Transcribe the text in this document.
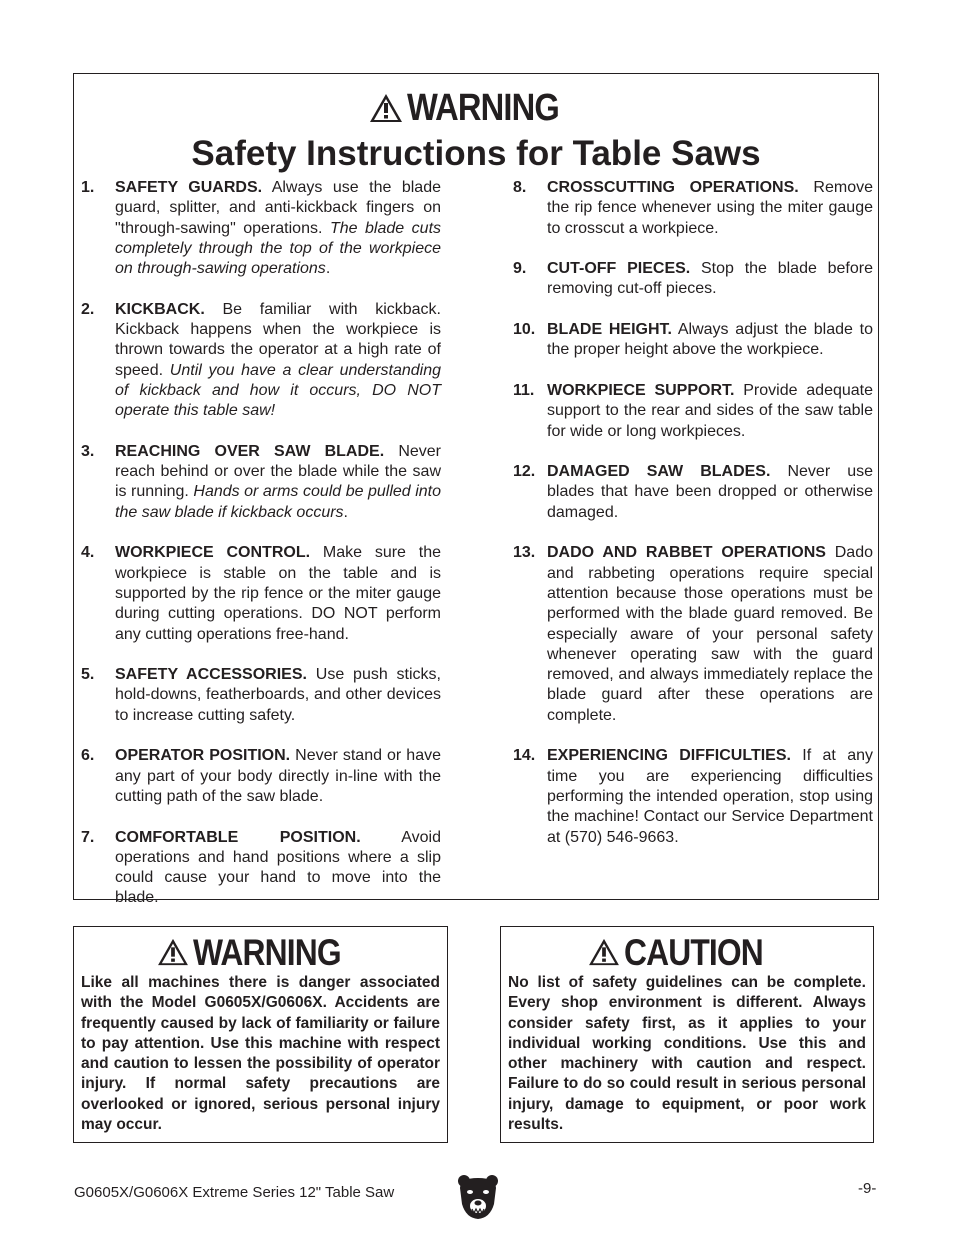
WARNING
Safety Instructions for Table Saws
1. SAFETY GUARDS. Always use the blade guard, splitter, and anti-kickback fingers on "through-sawing" operations. The blade cuts completely through the top of the workpiece on through-sawing operations.
2. KICKBACK. Be familiar with kickback. Kickback happens when the workpiece is thrown towards the operator at a high rate of speed. Until you have a clear understanding of kickback and how it occurs, DO NOT operate this table saw!
3. REACHING OVER SAW BLADE. Never reach behind or over the blade while the saw is running. Hands or arms could be pulled into the saw blade if kickback occurs.
4. WORKPIECE CONTROL. Make sure the workpiece is stable on the table and is supported by the rip fence or the miter gauge during cutting operations. DO NOT perform any cutting operations free-hand.
5. SAFETY ACCESSORIES. Use push sticks, hold-downs, featherboards, and other devices to increase cutting safety.
6. OPERATOR POSITION. Never stand or have any part of your body directly in-line with the cutting path of the saw blade.
7. COMFORTABLE POSITION. Avoid operations and hand positions where a slip could cause your hand to move into the blade.
8. CROSSCUTTING OPERATIONS. Remove the rip fence whenever using the miter gauge to crosscut a workpiece.
9. CUT-OFF PIECES. Stop the blade before removing cut-off pieces.
10. BLADE HEIGHT. Always adjust the blade to the proper height above the workpiece.
11. WORKPIECE SUPPORT. Provide adequate support to the rear and sides of the saw table for wide or long workpieces.
12. DAMAGED SAW BLADES. Never use blades that have been dropped or otherwise damaged.
13. DADO AND RABBET OPERATIONS Dado and rabbeting operations require special attention because those operations must be performed with the blade guard removed. Be especially aware of your personal safety whenever operating saw with the guard removed, and always immediately replace the blade guard after these operations are complete.
14. EXPERIENCING DIFFICULTIES. If at any time you are experiencing difficulties performing the intended operation, stop using the machine! Contact our Service Department at (570) 546-9663.
WARNING
Like all machines there is danger associated with the Model G0605X/G0606X. Accidents are frequently caused by lack of familiarity or failure to pay attention. Use this machine with respect and caution to lessen the possibility of operator injury. If normal safety precautions are overlooked or ignored, serious personal injury may occur.
CAUTION
No list of safety guidelines can be complete. Every shop environment is different. Always consider safety first, as it applies to your individual working conditions. Use this and other machinery with caution and respect. Failure to do so could result in serious personal injury, damage to equipment, or poor work results.
G0605X/G0606X Extreme Series 12" Table Saw	-9-
